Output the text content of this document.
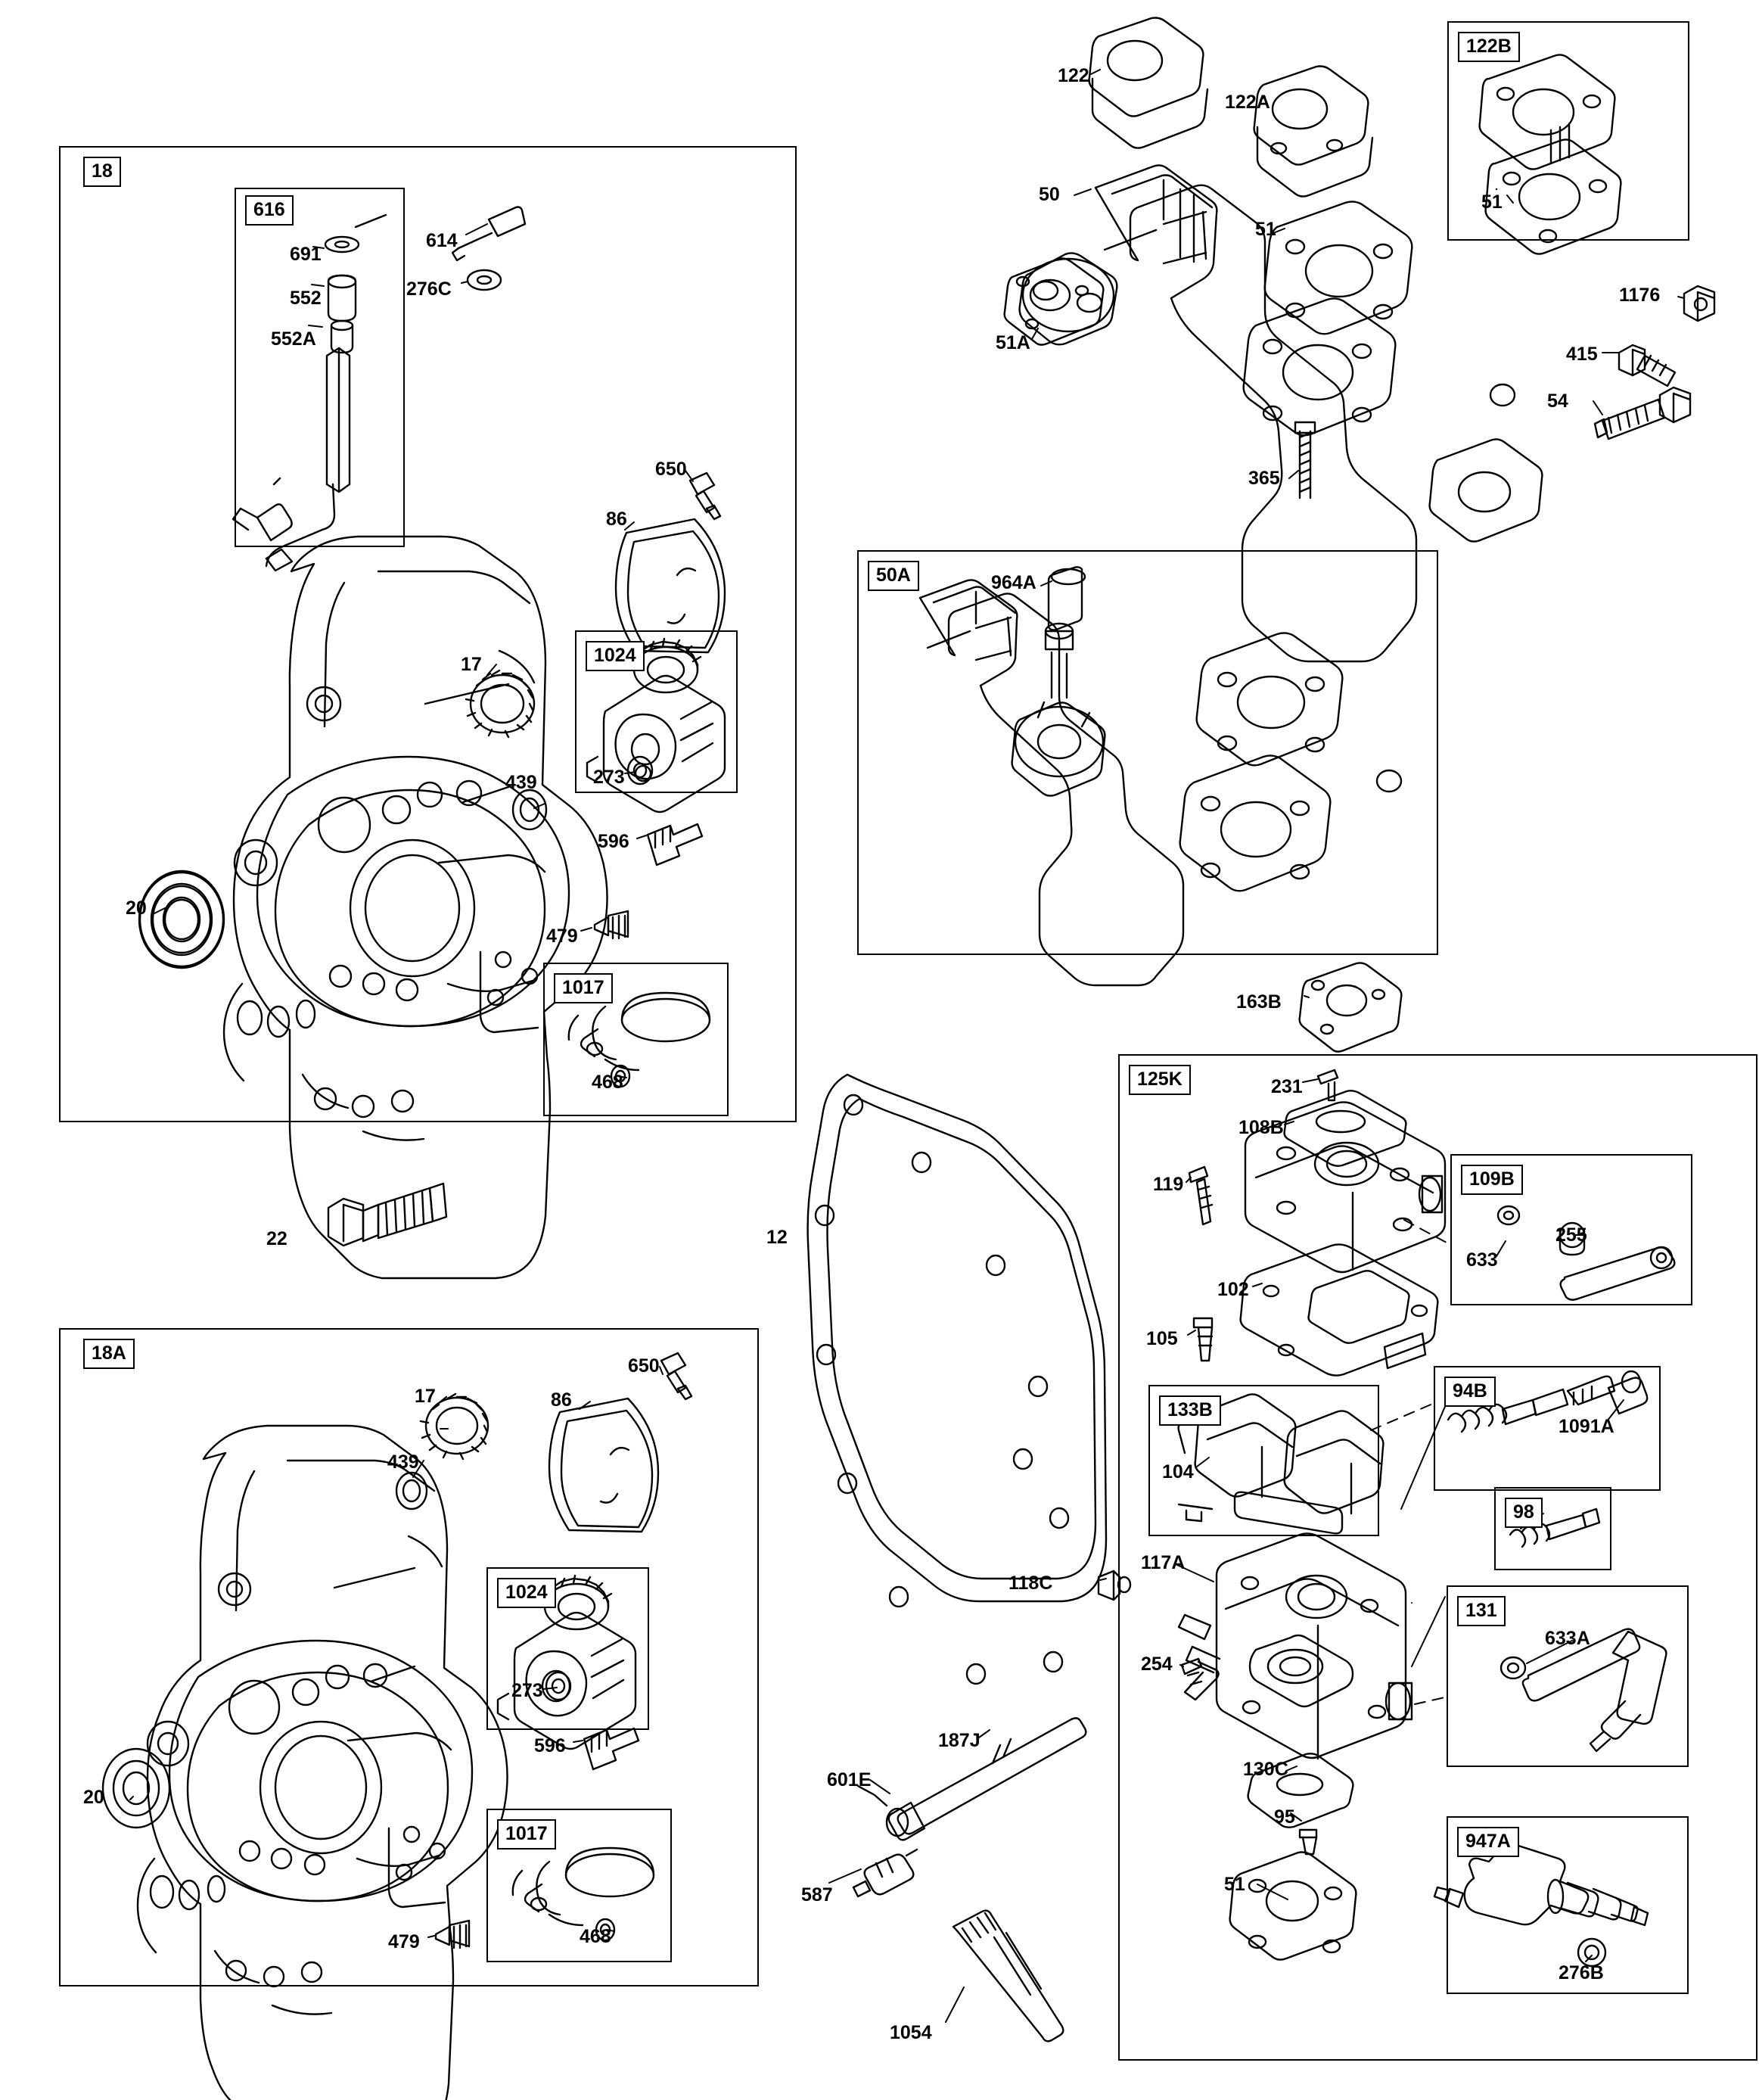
18
616
691
552
552A
614
276C
650
86
17	1024
439	273
596
20
479
1017
468
22	12
18A
650
17	86
439
1024
273
596
20
1017
479	468
122
122A
122B
51
50
51
51A
365
1176
415
54
50A	964A
163B
125K	231
108B
119	109B
633
255
102
105
133B
104
94B
1091A
98
118C
117A
131
633A
254
187J
601E	130C
95
587	51
947A
276B
1054
